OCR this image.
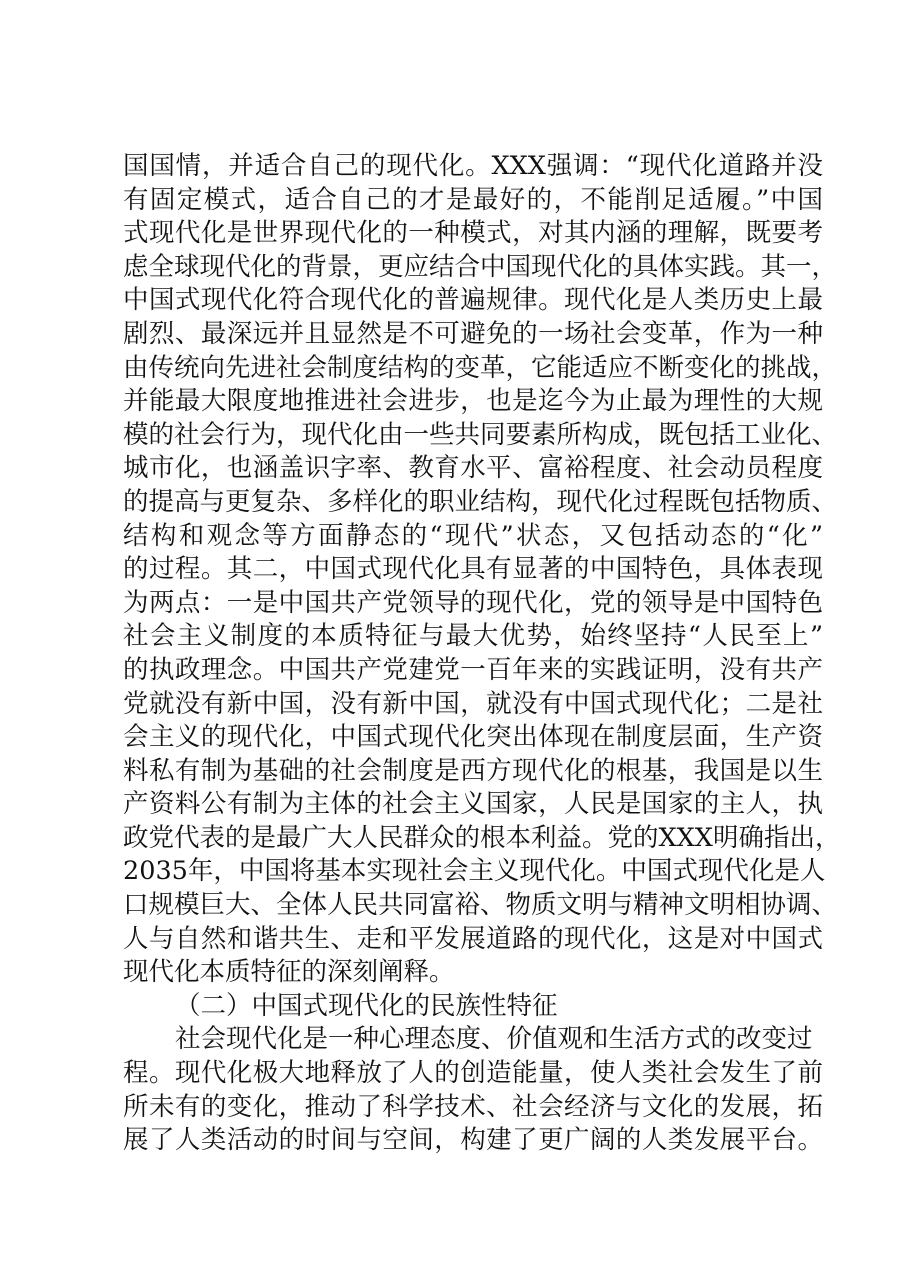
国国情，并适合自己的现代化。XXX强调：“现代化道路并没
有固定模式，适合自己的才是最好的，不能削足适履。”中国
式现代化是世界现代化的一种模式，对其内涵的理解，既要考
虑全球现代化的背景，更应结合中国现代化的具体实践。其一，
中国式现代化符合现代化的普遍规律。现代化是人类历史上最
剧烈、最深远并且显然是不可避免的一场社会变革，作为一种
由传统向先进社会制度结构的变革，它能适应不断变化的挑战，
并能最大限度地推进社会进步，也是迄今为止最为理性的大规
模的社会行为，现代化由一些共同要素所构成，既包括工业化、
城市化，也涵盖识字率、教育水平、富裕程度、社会动员程度
的提高与更复杂、多样化的职业结构，现代化过程既包括物质、
结构和观念等方面静态的“现代”状态，又包括动态的“化”
的过程。其二，中国式现代化具有显著的中国特色，具体表现
为两点：一是中国共产党领导的现代化，党的领导是中国特色
社会主义制度的本质特征与最大优势，始终坚持“人民至上”
的执政理念。中国共产党建党一百年来的实践证明，没有共产
党就没有新中国，没有新中国，就没有中国式现代化；二是社
会主义的现代化，中国式现代化突出体现在制度层面，生产资
料私有制为基础的社会制度是西方现代化的根基，我国是以生
产资料公有制为主体的社会主义国家，人民是国家的主人，执
政党代表的是最广大人民群众的根本利益。党的XXX明确指出，
2035年，中国将基本实现社会主义现代化。中国式现代化是人
口规模巨大、全体人民共同富裕、物质文明与精神文明相协调、
人与自然和谐共生、走和平发展道路的现代化，这是对中国式
现代化本质特征的深刻阐释。
（二）中国式现代化的民族性特征
社会现代化是一种心理态度、价值观和生活方式的改变过
程。现代化极大地释放了人的创造能量，使人类社会发生了前
所未有的变化，推动了科学技术、社会经济与文化的发展，拓
展了人类活动的时间与空间，构建了更广阔的人类发展平台。
